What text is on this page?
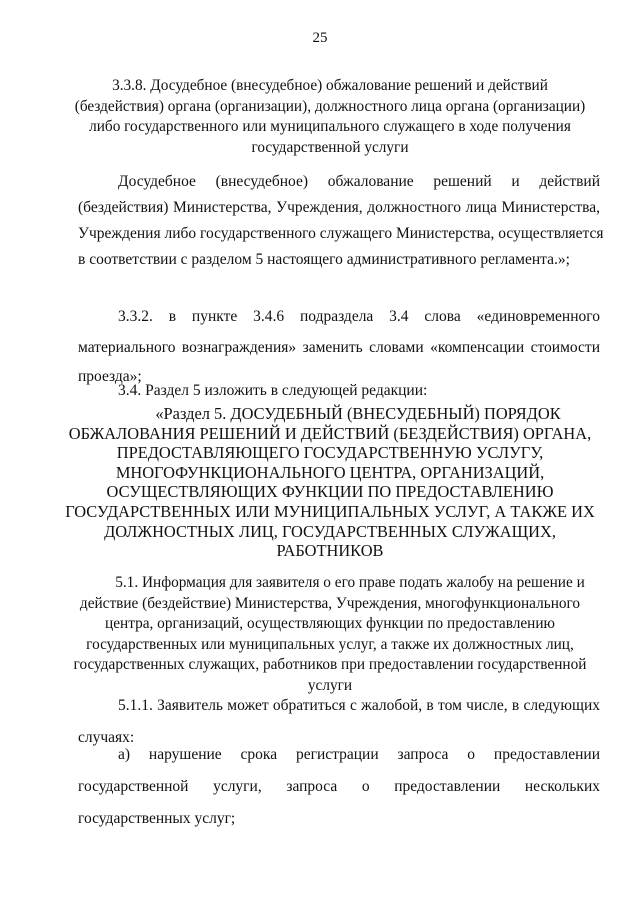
25
3.3.8. Досудебное (внесудебное) обжалование решений и действий
(бездействия) органа (организации), должностного лица органа (организации)
либо государственного или муниципального служащего в ходе получения
государственной услуги
Досудебное (внесудебное) обжалование решений и действий
(бездействия) Министерства, Учреждения, должностного лица Министерства,
Учреждения либо государственного служащего Министерства, осуществляется
в соответствии с разделом 5 настоящего административного регламента.»;
3.3.2. в пункте 3.4.6 подраздела 3.4 слова «единовременного
материального вознаграждения» заменить словами «компенсации стоимости
проезда»;
3.4. Раздел 5 изложить в следующей редакции:
«Раздел 5. ДОСУДЕБНЫЙ (ВНЕСУДЕБНЫЙ) ПОРЯДОК
ОБЖАЛОВАНИЯ РЕШЕНИЙ И ДЕЙСТВИЙ (БЕЗДЕЙСТВИЯ) ОРГАНА,
ПРЕДОСТАВЛЯЮЩЕГО ГОСУДАРСТВЕННУЮ УСЛУГУ,
МНОГОФУНКЦИОНАЛЬНОГО ЦЕНТРА, ОРГАНИЗАЦИЙ,
ОСУЩЕСТВЛЯЮЩИХ ФУНКЦИИ ПО ПРЕДОСТАВЛЕНИЮ
ГОСУДАРСТВЕННЫХ ИЛИ МУНИЦИПАЛЬНЫХ УСЛУГ, А ТАКЖЕ ИХ
ДОЛЖНОСТНЫХ ЛИЦ, ГОСУДАРСТВЕННЫХ СЛУЖАЩИХ,
РАБОТНИКОВ
5.1. Информация для заявителя о его праве подать жалобу на решение и
действие (бездействие) Министерства, Учреждения, многофункционального
центра, организаций, осуществляющих функции по предоставлению
государственных или муниципальных услуг, а также их должностных лиц,
государственных служащих, работников при предоставлении государственной
услуги
5.1.1. Заявитель может обратиться с жалобой, в том числе, в следующих
случаях:
а) нарушение срока регистрации запроса о предоставлении
государственной услуги, запроса о предоставлении нескольких
государственных услуг;
